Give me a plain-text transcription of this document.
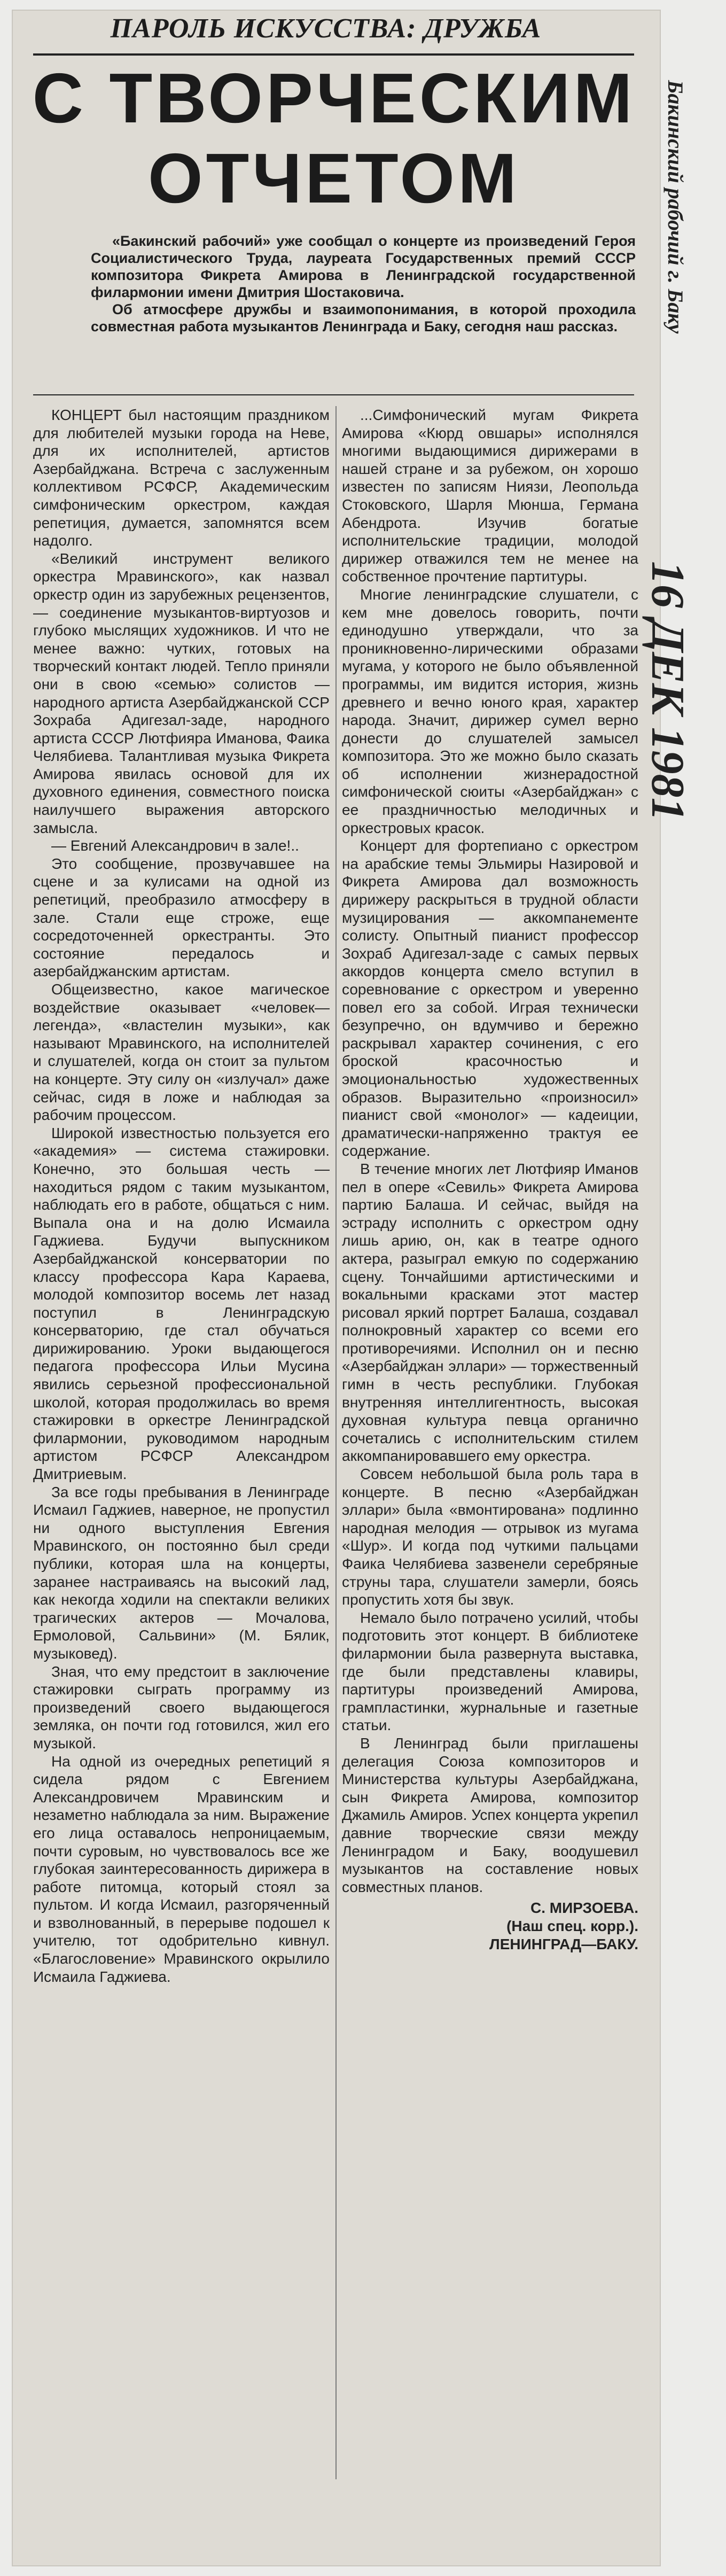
Бакинский рабочий г. Баку
16 ДЕК 1981
ПАРОЛЬ ИСКУССТВА: ДРУЖБА
С ТВОРЧЕСКИМ
ОТЧЕТОМ

«Бакинский рабочий» уже сообщал о концерте из произведений Героя Социалистического Труда, лауреата Государственных премий СССР композитора Фикрета Амирова в Ленинградской государственной филармонии имени Дмитрия Шостаковича.

Об атмосфере дружбы и взаимопонимания, в которой проходила совместная работа музыкантов Ленинграда и Баку, сегодня наш рассказ.

КОНЦЕРТ был настоящим праздником для любителей музыки города на Неве, для их исполнителей, артистов Азербайджана. Встреча с заслуженным коллективом РСФСР, Академическим симфоническим оркестром, каждая репетиция, думается, запомнятся всем надолго.

«Великий инструмент великого оркестра Мравинского», как назвал оркестр один из зарубежных рецензентов, — соединение музыкантов-виртуозов и глубоко мыслящих художников. И что не менее важно: чутких, готовых на творческий контакт людей. Тепло приняли они в свою «семью» солистов — народного артиста Азербайджанской ССР Зохраба Адигезал-заде, народного артиста СССР Лютфияра Иманова, Фаика Челябиева. Талантливая музыка Фикрета Амирова явилась основой для их духовного единения, совместного поиска наилучшего выражения авторского замысла.

— Евгений Александрович в зале!..

Это сообщение, прозвучавшее на сцене и за кулисами на одной из репетиций, преобразило атмосферу в зале. Стали еще строже, еще сосредоточенней оркестранты. Это состояние передалось и азербайджанским артистам.

Общеизвестно, какое магическое воздействие оказывает «человек—легенда», «властелин музыки», как называют Мравинского, на исполнителей и слушателей, когда он стоит за пультом на концерте. Эту силу он «излучал» даже сейчас, сидя в ложе и наблюдая за рабочим процессом.

Широкой известностью пользуется его «академия» — система стажировки. Конечно, это большая честь — находиться рядом с таким музыкантом, наблюдать его в работе, общаться с ним. Выпала она и на долю Исмаила Гаджиева. Будучи выпускником Азербайджанской консерватории по классу профессора Кара Караева, молодой композитор восемь лет назад поступил в Ленинградскую консерваторию, где стал обучаться дирижированию. Уроки выдающегося педагога профессора Ильи Мусина явились серьезной профессиональной школой, которая продолжилась во время стажировки в оркестре Ленинградской филармонии, руководимом народным артистом РСФСР Александром Дмитриевым.

За все годы пребывания в Ленинграде Исмаил Гаджиев, наверное, не пропустил ни одного выступления Евгения Мравинского, он постоянно был среди публики, которая шла на концерты, заранее настраиваясь на высокий лад, как некогда ходили на спектакли великих трагических актеров — Мочалова, Ермоловой, Сальвини» (М. Бялик, музыковед).

Зная, что ему предстоит в заключение стажировки сыграть программу из произведений своего выдающегося земляка, он почти год готовился, жил его музыкой.

На одной из очередных репетиций я сидела рядом с Евгением Александровичем Мравинским и незаметно наблюдала за ним. Выражение его лица оставалось непроницаемым, почти суровым, но чувствовалось все же глубокая заинтересованность дирижера в работе питомца, который стоял за пультом. И когда Исмаил, разгоряченный и взволнованный, в перерыве подошел к учителю, тот одобрительно кивнул. «Благословение» Мравинского окрылило Исмаила Гаджиева.

...Симфонический мугам Фикрета Амирова «Кюрд овшары» исполнялся многими выдающимися дирижерами в нашей стране и за рубежом, он хорошо известен по записям Ниязи, Леопольда Стоковского, Шарля Мюнша, Германа Абендрота. Изучив богатые исполнительские традиции, молодой дирижер отважился тем не менее на собственное прочтение партитуры.

Многие ленинградские слушатели, с кем мне довелось говорить, почти единодушно утверждали, что за проникновенно-лирическими образами мугама, у которого не было объявленной программы, им видится история, жизнь древнего и вечно юного края, характер народа. Значит, дирижер сумел верно донести до слушателей замысел композитора. Это же можно было сказать об исполнении жизнерадостной симфонической сюиты «Азербайджан» с ее праздничностью мелодичных и оркестровых красок.

Концерт для фортепиано с оркестром на арабские темы Эльмиры Назировой и Фикрета Амирова дал возможность дирижеру раскрыться в трудной области музицирования — аккомпанементе солисту. Опытный пианист профессор Зохраб Адигезал-заде с самых первых аккордов концерта смело вступил в соревнование с оркестром и уверенно повел его за собой. Играя технически безупречно, он вдумчиво и бережно раскрывал характер сочинения, с его броской красочностью и эмоциональностью художественных образов. Выразительно «произносил» пианист свой «монолог» — кадеиции, драматически-напряженно трактуя ее содержание.

В течение многих лет Лютфияр Иманов пел в опере «Севиль» Фикрета Амирова партию Балаша. И сейчас, выйдя на эстраду исполнить с оркестром одну лишь арию, он, как в театре одного актера, разыграл емкую по содержанию сцену. Тончайшими артистическими и вокальными красками этот мастер рисовал яркий портрет Балаша, создавал полнокровный характер со всеми его противоречиями. Исполнил он и песню «Азербайджан эллари» — торжественный гимн в честь республики. Глубокая внутренняя интеллигентность, высокая духовная культура певца органично сочетались с исполнительским стилем аккомпанировавшего ему оркестра.

Совсем небольшой была роль тара в концерте. В песню «Азербайджан эллари» была «вмонтирована» подлинно народная мелодия — отрывок из мугама «Шур». И когда под чуткими пальцами Фаика Челябиева зазвенели серебряные струны тара, слушатели замерли, боясь пропустить хотя бы звук.

Немало было потрачено усилий, чтобы подготовить этот концерт. В библиотеке филармонии была развернута выставка, где были представлены клавиры, партитуры произведений Амирова, грампластинки, журнальные и газетные статьи.

В Ленинград были приглашены делегация Союза композиторов и Министерства культуры Азербайджана, сын Фикрета Амирова, композитор Джамиль Амиров. Успех концерта укрепил давние творческие связи между Ленинградом и Баку, воодушевил музыкантов на составление новых совместных планов.

С. МИРЗОЕВА.
(Наш спец. корр.).
ЛЕНИНГРАД—БАКУ.
